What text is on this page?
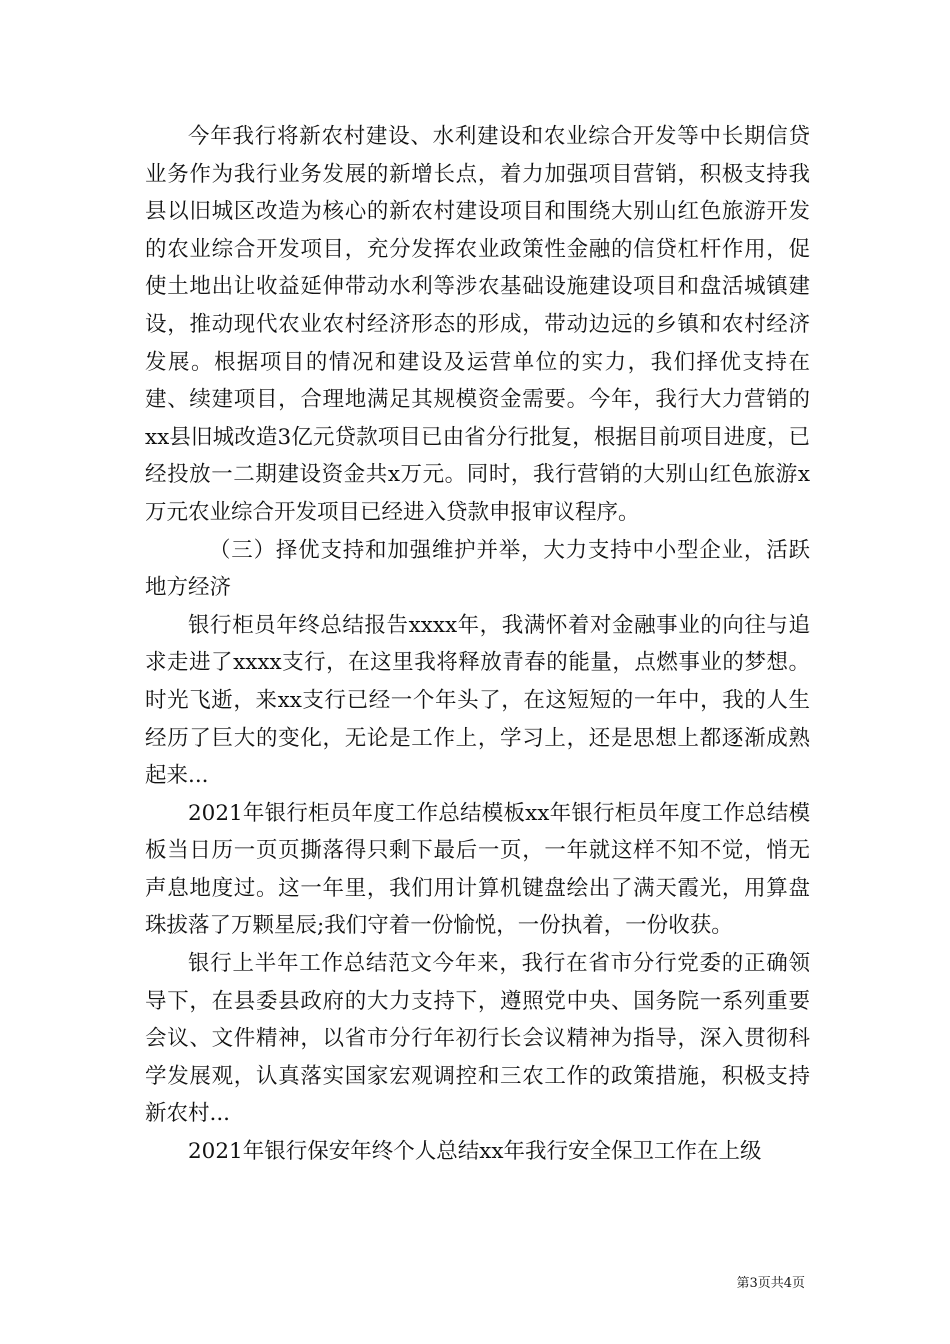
今年我行将新农村建设、水利建设和农业综合开发等中长期信贷业务作为我行业务发展的新增长点，着力加强项目营销，积极支持我县以旧城区改造为核心的新农村建设项目和围绕大别山红色旅游开发的农业综合开发项目，充分发挥农业政策性金融的信贷杠杆作用，促使土地出让收益延伸带动水利等涉农基础设施建设项目和盘活城镇建设，推动现代农业农村经济形态的形成，带动边远的乡镇和农村经济发展。根据项目的情况和建设及运营单位的实力，我们择优支持在建、续建项目，合理地满足其规模资金需要。今年，我行大力营销的xx县旧城改造3亿元贷款项目已由省分行批复，根据目前项目进度，已经投放一二期建设资金共x万元。同时，我行营销的大别山红色旅游x万元农业综合开发项目已经进入贷款申报审议程序。

（三）择优支持和加强维护并举，大力支持中小型企业，活跃地方经济

银行柜员年终总结报告xxxx年，我满怀着对金融事业的向往与追求走进了xxxx支行，在这里我将释放青春的能量，点燃事业的梦想。时光飞逝，来xx支行已经一个年头了，在这短短的一年中，我的人生经历了巨大的变化，无论是工作上，学习上，还是思想上都逐渐成熟起来...

2021年银行柜员年度工作总结模板xx年银行柜员年度工作总结模板当日历一页页撕落得只剩下最后一页，一年就这样不知不觉，悄无声息地度过。这一年里，我们用计算机键盘绘出了满天霞光，用算盘珠拔落了万颗星辰;我们守着一份愉悦，一份执着，一份收获。

银行上半年工作总结范文今年来，我行在省市分行党委的正确领导下，在县委县政府的大力支持下，遵照党中央、国务院一系列重要会议、文件精神，以省市分行年初行长会议精神为指导，深入贯彻科学发展观，认真落实国家宏观调控和三农工作的政策措施，积极支持新农村...

2021年银行保安年终个人总结xx年我行安全保卫工作在上级

第3页共4页
